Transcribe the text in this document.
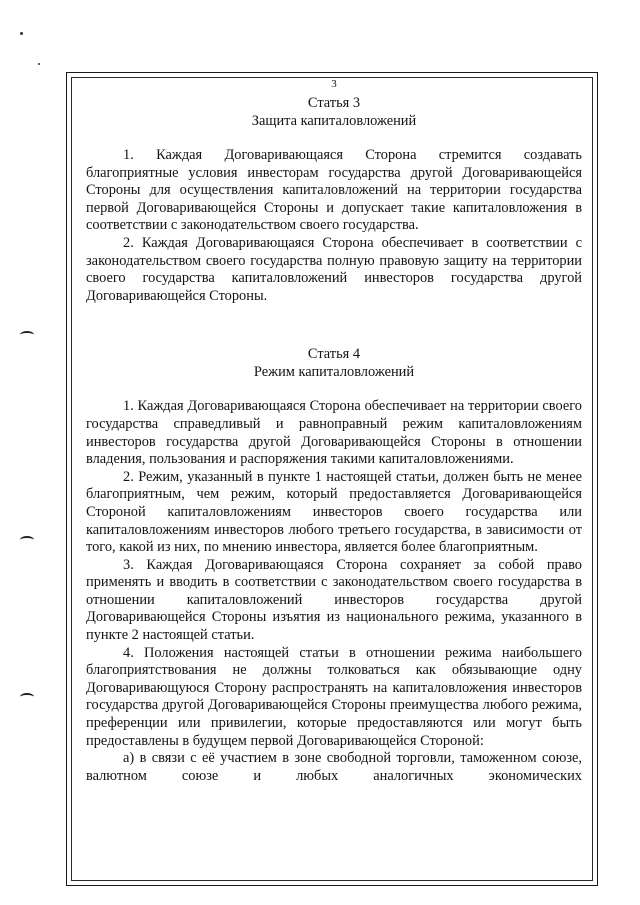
3

Статья 3

Защита капиталовложений

1. Каждая Договаривающаяся Сторона стремится создавать благоприятные условия инвесторам государства другой Договаривающейся Стороны для осуществления капиталовложений на территории государства первой Договаривающейся Стороны и допускает такие капиталовложения в соответствии с законодательством своего государства.

2. Каждая Договаривающаяся Сторона обеспечивает в соответствии с законодательством своего государства полную правовую защиту на территории своего государства капиталовложений инвесторов государства другой Договаривающейся Стороны.

Статья 4

Режим капиталовложений

1. Каждая Договаривающаяся Сторона обеспечивает на территории своего государства справедливый и равноправный режим капиталовложениям инвесторов государства другой Договаривающейся Стороны в отношении владения, пользования и распоряжения такими капиталовложениями.

2. Режим, указанный в пункте 1 настоящей статьи, должен быть не менее благоприятным, чем режим, который предоставляется Договаривающейся Стороной капиталовложениям инвесторов своего государства или капиталовложениям инвесторов любого третьего государства, в зависимости от того, какой из них, по мнению инвестора, является более благоприятным.

3. Каждая Договаривающаяся Сторона сохраняет за собой право применять и вводить в соответствии с законодательством своего государства в отношении капиталовложений инвесторов государства другой Договаривающейся Стороны изъятия из национального режима, указанного в пункте 2 настоящей статьи.

4. Положения настоящей статьи в отношении режима наибольшего благоприятствования не должны толковаться как обязывающие одну Договаривающуюся Сторону распространять на капиталовложения инвесторов государства другой Договаривающейся Стороны преимущества любого режима, преференции или привилегии, которые предоставляются или могут быть предоставлены в будущем первой Договаривающейся Стороной:

а) в связи с её участием в зоне свободной торговли, таможенном союзе, валютном союзе и любых аналогичных экономических
